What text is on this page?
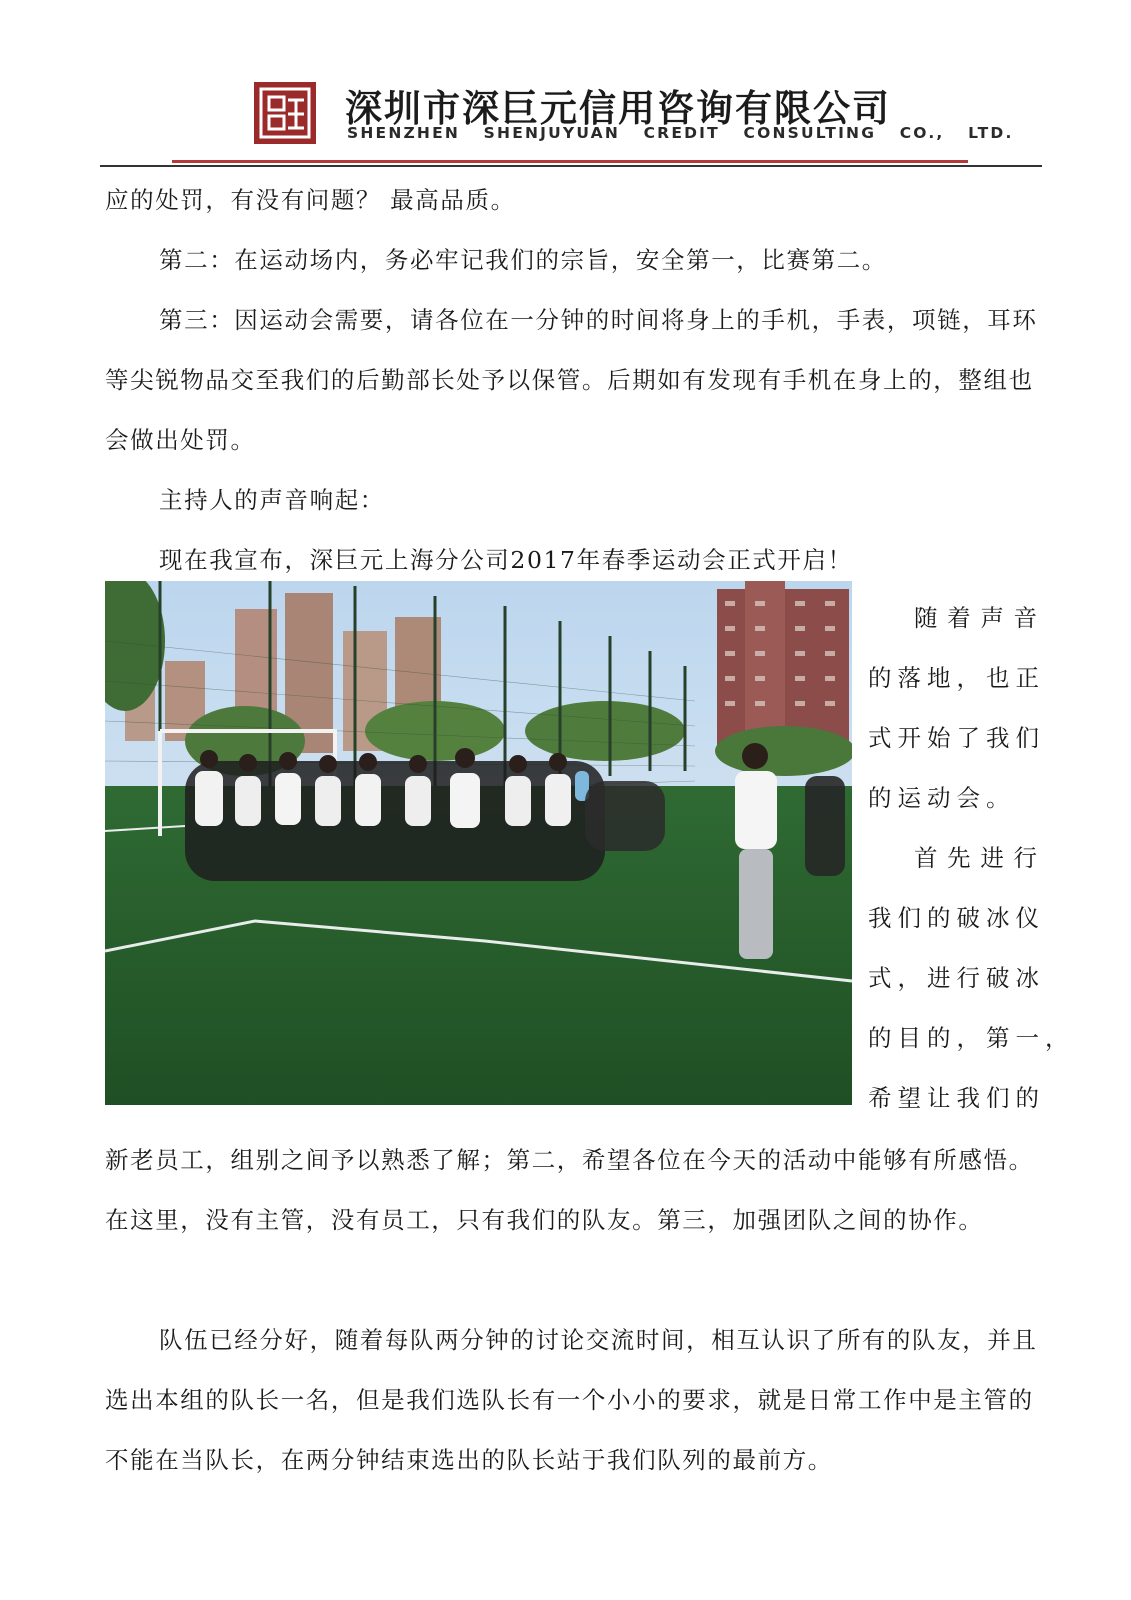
深圳市深巨元信用咨询有限公司
SHENZHEN SHENJUYUAN CREDIT CONSULTING CO., LTD.

应的处罚，有没有问题？ 最高品质。

第二：在运动场内，务必牢记我们的宗旨，安全第一，比赛第二。

第三：因运动会需要，请各位在一分钟的时间将身上的手机，手表，项链，耳环等尖锐物品交至我们的后勤部长处予以保管。后期如有发现有手机在身上的，整组也会做出处罚。

主持人的声音响起：

现在我宣布，深巨元上海分公司2017年春季运动会正式开启！

随着声音
的落地，也正
式开始了我们
的运动会。
首先进行
我们的破冰仪
式，进行破冰
的目的，第一，
希望让我们的

新老员工，组别之间予以熟悉了解；第二，希望各位在今天的活动中能够有所感悟。在这里，没有主管，没有员工，只有我们的队友。第三，加强团队之间的协作。

队伍已经分好，随着每队两分钟的讨论交流时间，相互认识了所有的队友，并且选出本组的队长一名，但是我们选队长有一个小小的要求，就是日常工作中是主管的不能在当队长，在两分钟结束选出的队长站于我们队列的最前方。
